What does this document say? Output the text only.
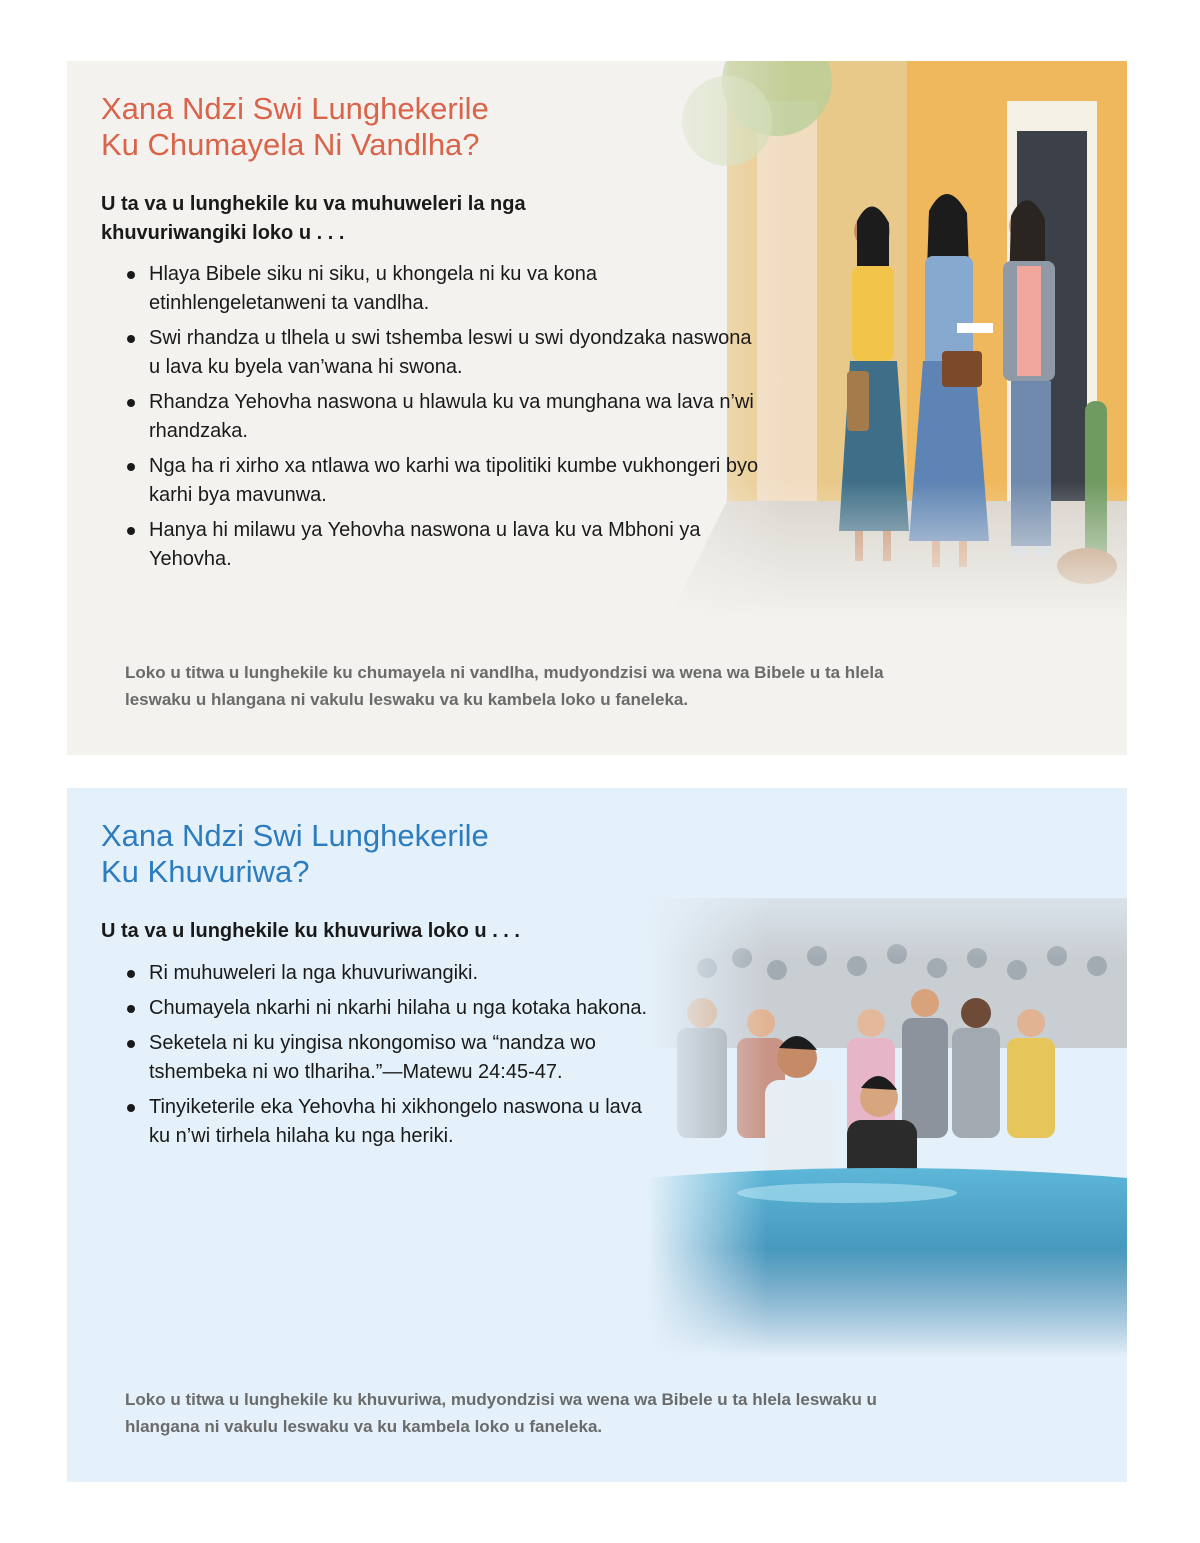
Xana Ndzi Swi Lunghekerile
Ku Chumayela Ni Vandlha?

U ta va u lunghekile ku va muhuweleri la nga
khuvuriwangiki loko u . . .

Hlaya Bibele siku ni siku, u khongela ni ku va kona etinhlengeletanweni ta vandlha.
Swi rhandza u tlhela u swi tshemba leswi u swi dyondzaka naswona u lava ku byela van’wana hi swona.
Rhandza Yehovha naswona u hlawula ku va munghana wa lava n’wi rhandzaka.
Nga ha ri xirho xa ntlawa wo karhi wa tipolitiki kumbe vukhongeri byo karhi bya mavunwa.
Hanya hi milawu ya Yehovha naswona u lava ku va Mbhoni ya Yehovha.

Loko u titwa u lunghekile ku chumayela ni vandlha, mudyondzisi wa wena wa Bibele u ta hlela leswaku u hlangana ni vakulu leswaku va ku kambela loko u faneleka.

Xana Ndzi Swi Lunghekerile
Ku Khuvuriwa?

U ta va u lunghekile ku khuvuriwa loko u . . .

Ri muhuweleri la nga khuvuriwangiki.
Chumayela nkarhi ni nkarhi hilaha u nga kotaka hakona.
Seketela ni ku yingisa nkongomiso wa “nandza wo tshembeka ni wo tlhariha.”—Matewu 24:45-47.
Tinyiketerile eka Yehovha hi xikhongelo naswona u lava ku n’wi tirhela hilaha ku nga heriki.

Loko u titwa u lunghekile ku khuvuriwa, mudyondzisi wa wena wa Bibele u ta hlela leswaku u hlangana ni vakulu leswaku va ku kambela loko u faneleka.
